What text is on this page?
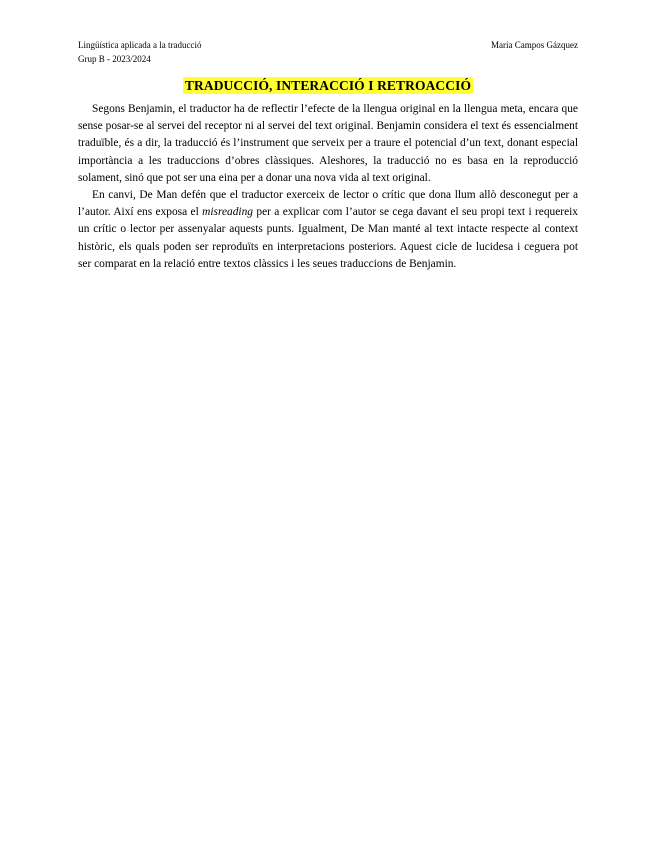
Lingüística aplicada a la traducció
Grup B - 2023/2024
María Campos Gázquez
TRADUCCIÓ, INTERACCIÓ I RETROACCIÓ

Segons Benjamin, el traductor ha de reflectir l’efecte de la llengua original en la llengua meta, encara que sense posar-se al servei del receptor ni al servei del text original. Benjamin considera el text és essencialment traduïble, és a dir, la traducció és l’instrument que serveix per a traure el potencial d’un text, donant especial importància a les traduccions d’obres clàssiques. Aleshores, la traducció no es basa en la reproducció solament, sinó que pot ser una eina per a donar una nova vida al text original.

En canvi, De Man defén que el traductor exerceix de lector o crític que dona llum allò desconegut per a l’autor. Així ens exposa el misreading per a explicar com l’autor se cega davant el seu propi text i requereix un crític o lector per assenyalar aquests punts. Igualment, De Man manté al text intacte respecte al context històric, els quals poden ser reproduïts en interpretacions posteriors. Aquest cicle de lucidesa i ceguera pot ser comparat en la relació entre textos clàssics i les seues traduccions de Benjamin.
